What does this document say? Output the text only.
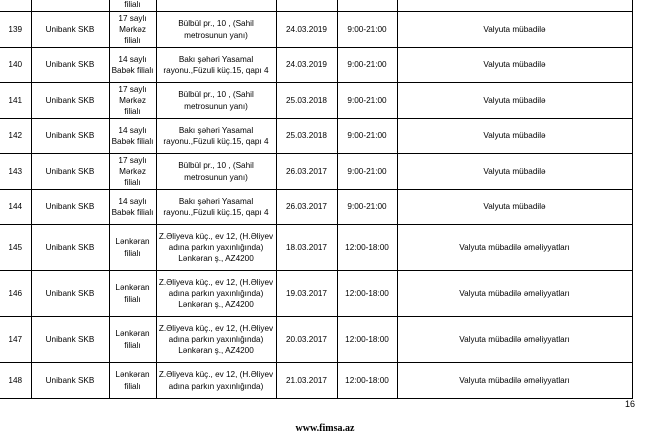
		filialı				
139	Unibank SKB	17 saylı Mərkəz filialı	Bülbül pr., 10 , (Sahil metrosunun yanı)	24.03.2019	9:00-21:00	Valyuta mübadilə
140	Unibank SKB	14 saylı Babək filialı	Bakı şəhəri Yasamal rayonu.,Füzuli küç.15, qapı 4	24.03.2019	9:00-21:00	Valyuta mübadilə
141	Unibank SKB	17 saylı Mərkəz filialı	Bülbül pr., 10 , (Sahil metrosunun yanı)	25.03.2018	9:00-21:00	Valyuta mübadilə
142	Unibank SKB	14 saylı Babək filialı	Bakı şəhəri Yasamal rayonu.,Füzuli küç.15, qapı 4	25.03.2018	9:00-21:00	Valyuta mübadilə
143	Unibank SKB	17 saylı Mərkəz filialı	Bülbül pr., 10 , (Sahil metrosunun yanı)	26.03.2017	9:00-21:00	Valyuta mübadilə
144	Unibank SKB	14 saylı Babək filialı	Bakı şəhəri Yasamal rayonu.,Füzuli küç.15, qapı 4	26.03.2017	9:00-21:00	Valyuta mübadilə
145	Unibank SKB	Lənkəran filialı	Z.Əliyeva küç., ev 12, (H.Əliyev adına parkın yaxınlığında) Lənkəran ş., AZ4200	18.03.2017	12:00-18:00	Valyuta mübadilə əməliyyatları
146	Unibank SKB	Lənkəran filialı	Z.Əliyeva küç., ev 12, (H.Əliyev adına parkın yaxınlığında) Lənkəran ş., AZ4200	19.03.2017	12:00-18:00	Valyuta mübadilə əməliyyatları
147	Unibank SKB	Lənkəran filialı	Z.Əliyeva küç., ev 12, (H.Əliyev adına parkın yaxınlığında) Lənkəran ş., AZ4200	20.03.2017	12:00-18:00	Valyuta mübadilə əməliyyatları
148	Unibank SKB	Lənkəran filialı	Z.Əliyeva küç., ev 12, (H.Əliyev adına parkın yaxınlığında)	21.03.2017	12:00-18:00	Valyuta mübadilə əməliyyatları
16
www.fimsa.az
